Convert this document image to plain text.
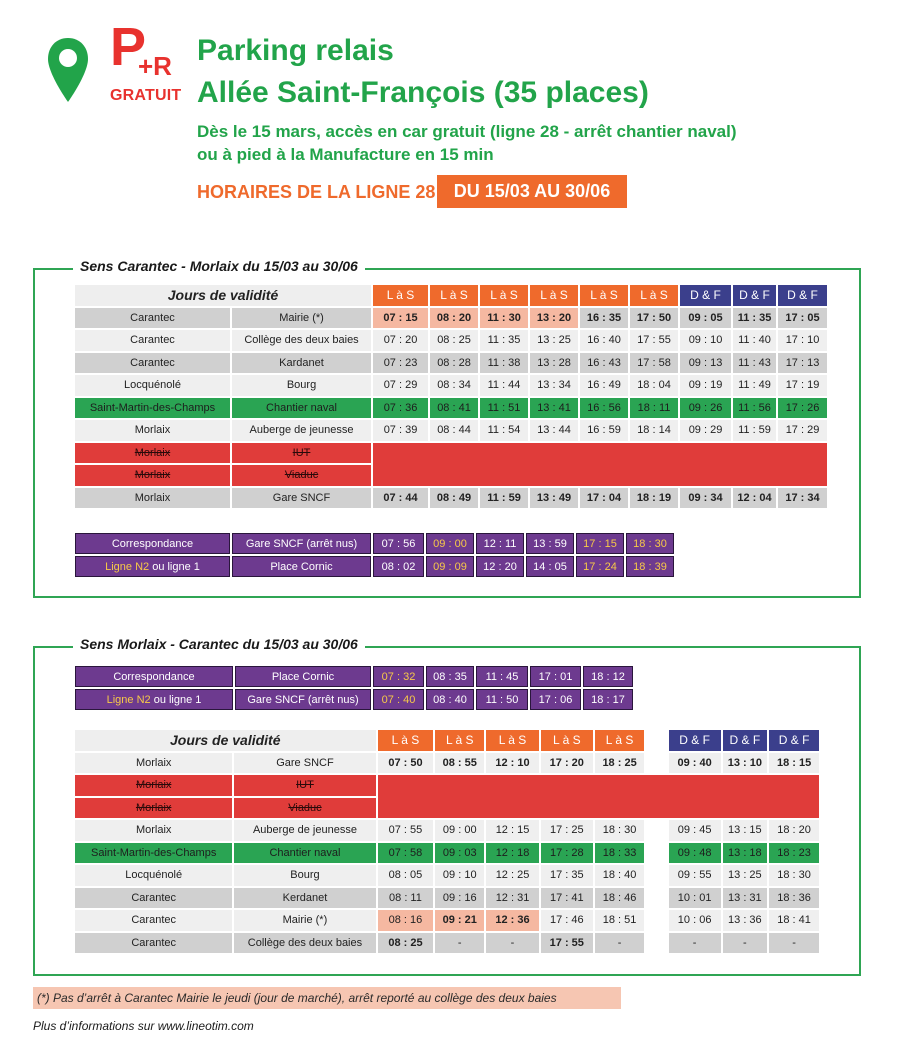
P
+R
GRATUIT
Parking relais
Allée Saint-François (35 places)
Dès le 15 mars, accès en car gratuit (ligne 28 - arrêt chantier naval)
ou à pied à la Manufacture en 15 min
HORAIRES DE LA LIGNE 28	DU 15/03 AU 30/06
Sens Carantec - Morlaix du 15/03 au 30/06
Jours de validité		L à S	L à S	L à S	L à S	L à S	L à S	D & F	D & F	D & F
Carantec	Mairie (*)	07 : 15	08 : 20	11 : 30	13 : 20	16 : 35	17 : 50	09 : 05	11 : 35	17 : 05
Carantec	Collège des deux baies	07 : 20	08 : 25	11 : 35	13 : 25	16 : 40	17 : 55	09 : 10	11 : 40	17 : 10
Carantec	Kardanet	07 : 23	08 : 28	11 : 38	13 : 28	16 : 43	17 : 58	09 : 13	11 : 43	17 : 13
Locquénolé	Bourg	07 : 29	08 : 34	11 : 44	13 : 34	16 : 49	18 : 04	09 : 19	11 : 49	17 : 19
Saint-Martin-des-Champs	Chantier naval	07 : 36	08 : 41	11 : 51	13 : 41	16 : 56	18 : 11	09 : 26	11 : 56	17 : 26
Morlaix	Auberge de jeunesse	07 : 39	08 : 44	11 : 54	13 : 44	16 : 59	18 : 14	09 : 29	11 : 59	17 : 29
Morlaix	IUT									
Morlaix	Viaduc									
Morlaix	Gare SNCF	07 : 44	08 : 49	11 : 59	13 : 49	17 : 04	18 : 19	09 : 34	12 : 04	17 : 34
Correspondance	Gare SNCF (arrêt nus)	07 : 56	09 : 00	12 : 11	13 : 59	17 : 15	18 : 30
Ligne N2 ou ligne 1	Place Cornic	08 : 02	09 : 09	12 : 20	14 : 05	17 : 24	18 : 39
Sens Morlaix - Carantec du 15/03 au 30/06
Correspondance	Place Cornic	07 : 32	08 : 35	11 : 45	17 : 01	18 : 12
Ligne N2 ou ligne 1	Gare SNCF (arrêt nus)	07 : 40	08 : 40	11 : 50	17 : 06	18 : 17
Jours de validité		L à S	L à S	L à S	L à S	L à S		D & F	D & F	D & F
Morlaix	Gare SNCF	07 : 50	08 : 55	12 : 10	17 : 20	18 : 25		09 : 40	13 : 10	18 : 15
Morlaix	IUT									
Morlaix	Viaduc									
Morlaix	Auberge de jeunesse	07 : 55	09 : 00	12 : 15	17 : 25	18 : 30		09 : 45	13 : 15	18 : 20
Saint-Martin-des-Champs	Chantier naval	07 : 58	09 : 03	12 : 18	17 : 28	18 : 33		09 : 48	13 : 18	18 : 23
Locquénolé	Bourg	08 : 05	09 : 10	12 : 25	17 : 35	18 : 40		09 : 55	13 : 25	18 : 30
Carantec	Kerdanet	08 : 11	09 : 16	12 : 31	17 : 41	18 : 46		10 : 01	13 : 31	18 : 36
Carantec	Mairie (*)	08 : 16	09 : 21	12 : 36	17 : 46	18 : 51		10 : 06	13 : 36	18 : 41
Carantec	Collège des deux baies	08 : 25	-	-	17 : 55	-		-	-	-
(*) Pas d’arrêt à Carantec Mairie le jeudi (jour de marché), arrêt reporté au collège des deux baies
Plus d’informations sur www.lineotim.com
